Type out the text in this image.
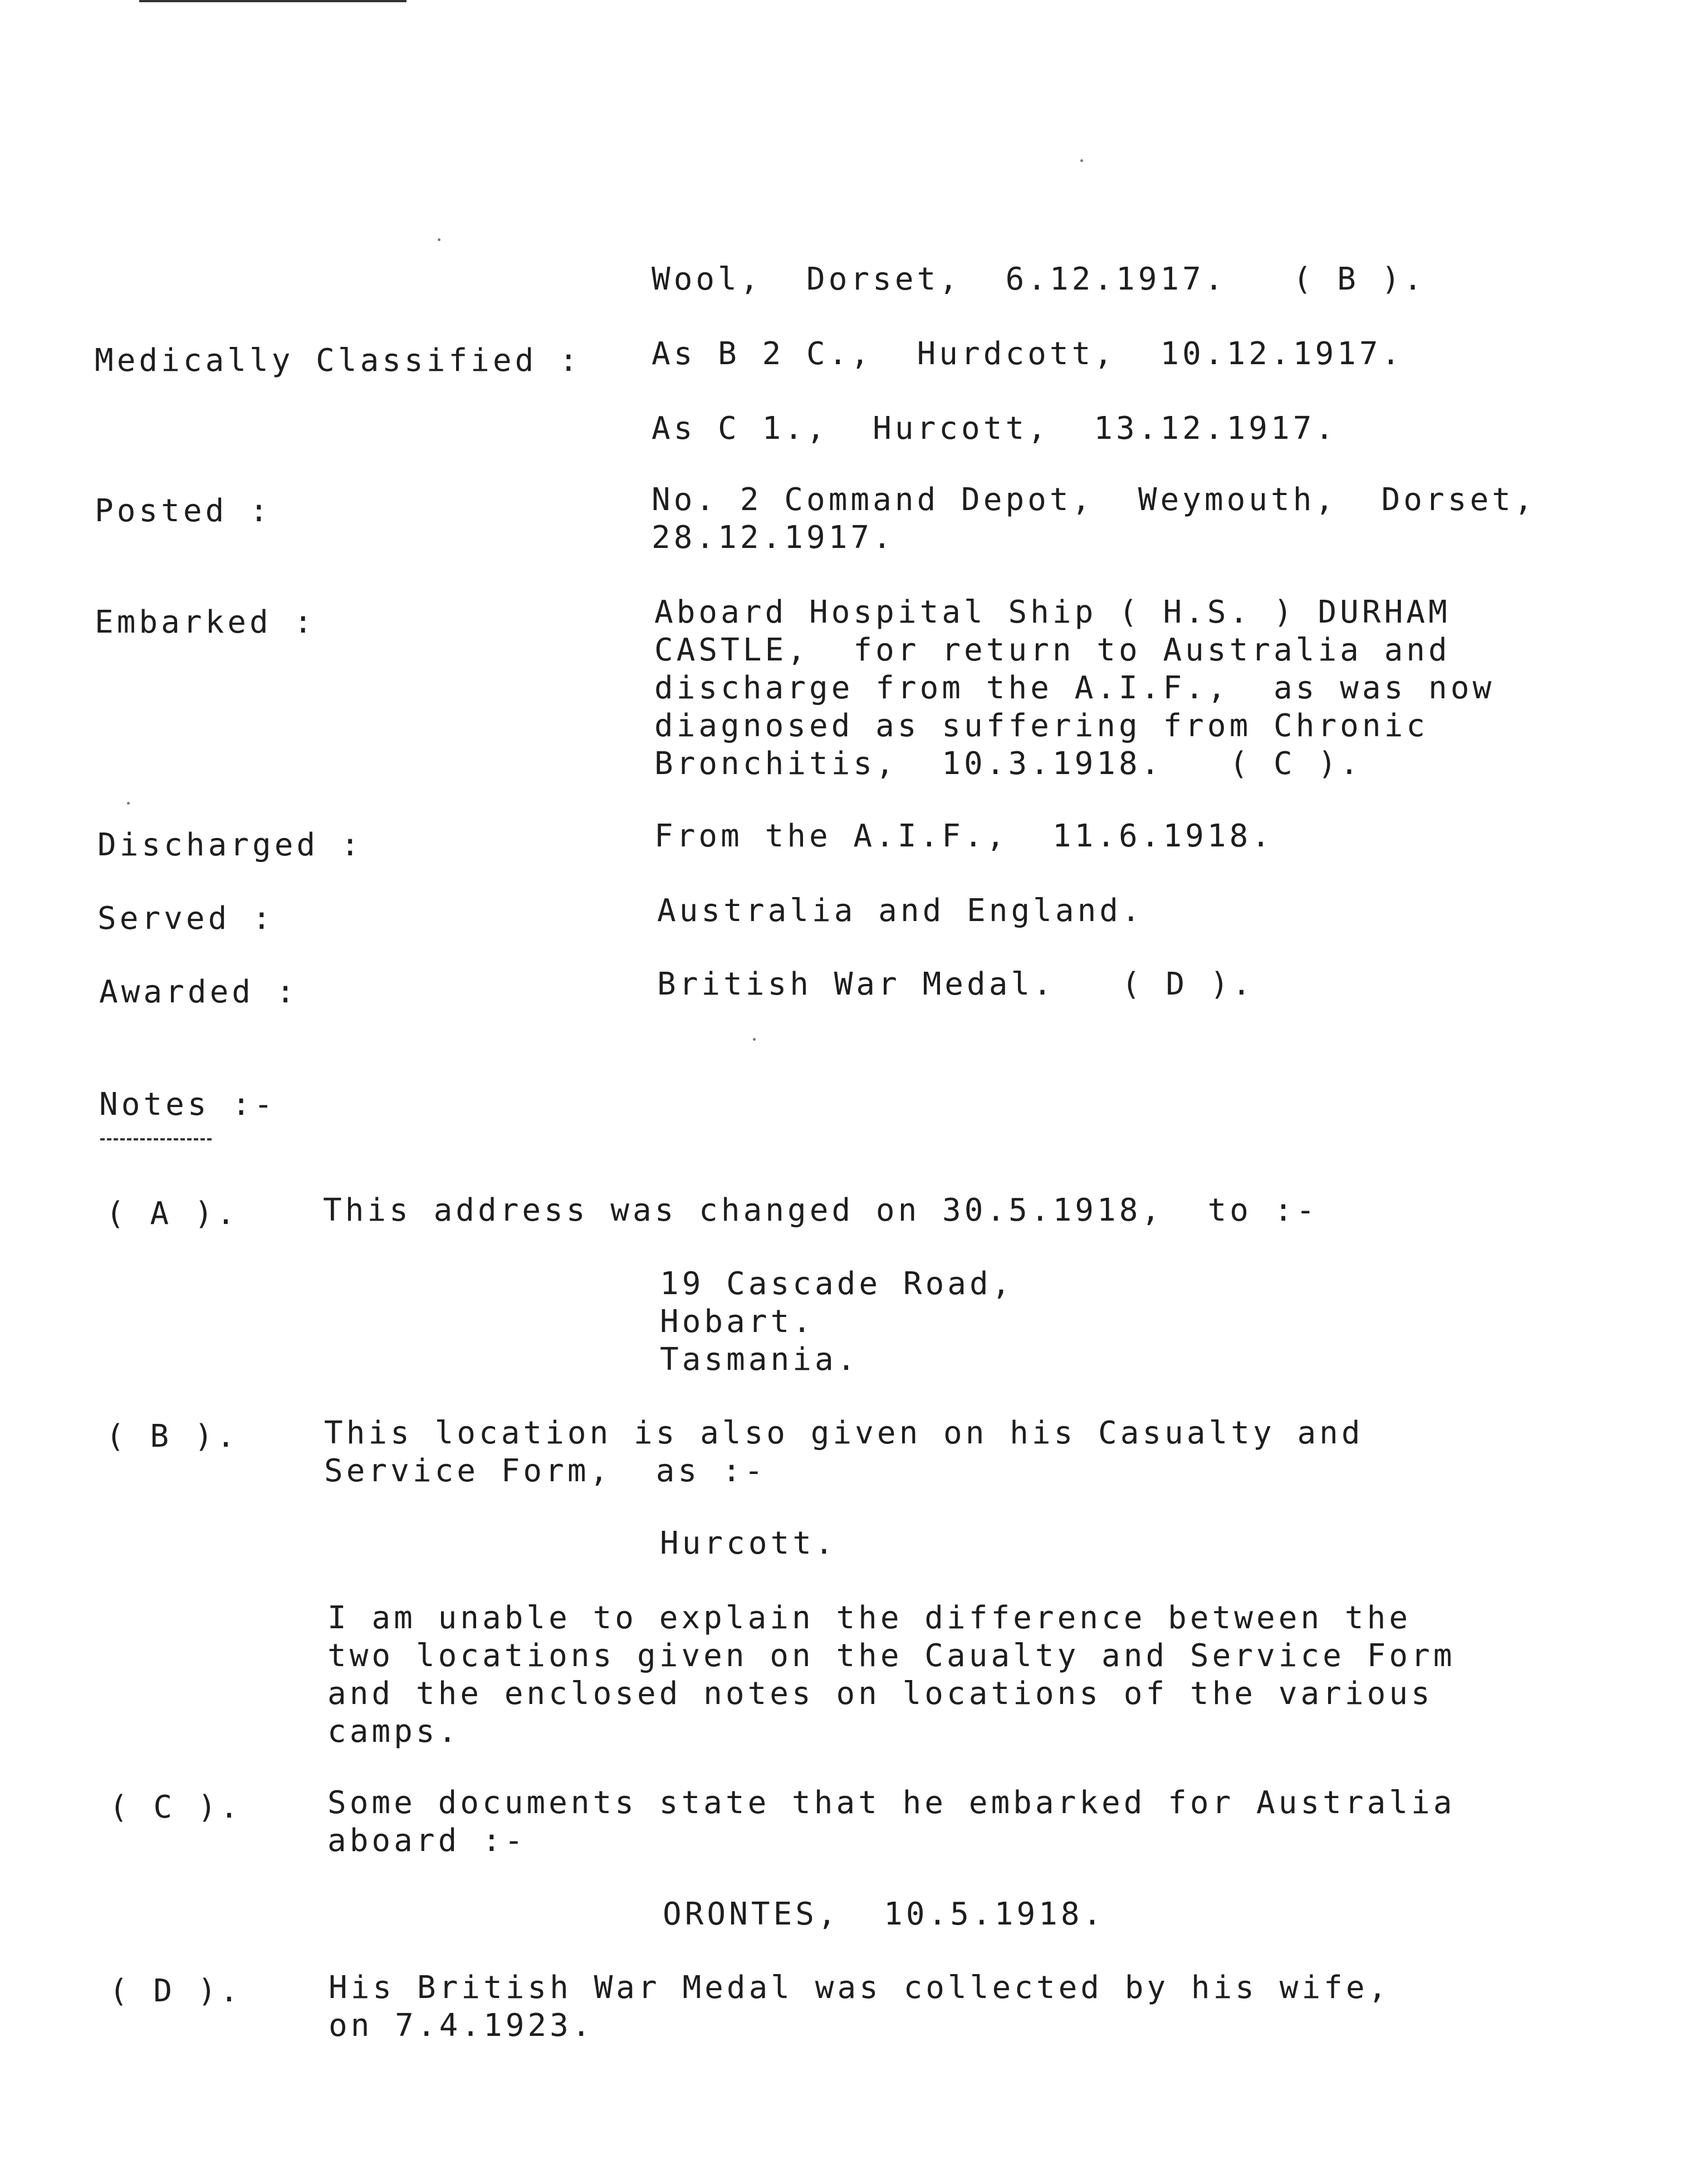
Wool,  Dorset,  6.12.1917.   ( B ).
Medically Classified : As B 2 C.,  Hurdcott,  10.12.1917.
As C 1.,  Hurcott,  13.12.1917.
Posted :	No. 2 Command Depot,  Weymouth,  Dorset,
28.12.1917.
Embarked :	Aboard Hospital Ship ( H.S. ) DURHAM
CASTLE,  for return to Australia and
discharge from the A.I.F.,  as was now
diagnosed as suffering from Chronic
Bronchitis,  10.3.1918.   ( C ).
Discharged :	From the A.I.F.,  11.6.1918.
Served :	Australia and England.
Awarded :	British War Medal.   ( D ).
Notes :-
( A ).	This address was changed on 30.5.1918,  to :-
19 Cascade Road,
Hobart.
Tasmania.
( B ).	This location is also given on his Casualty and
Service Form,  as :-
Hurcott.
I am unable to explain the difference between the
two locations given on the Caualty and Service Form
and the enclosed notes on locations of the various
camps.
( C ).	Some documents state that he embarked for Australia
aboard :-
ORONTES,  10.5.1918.
( D ).	His British War Medal was collected by his wife,
on 7.4.1923.
